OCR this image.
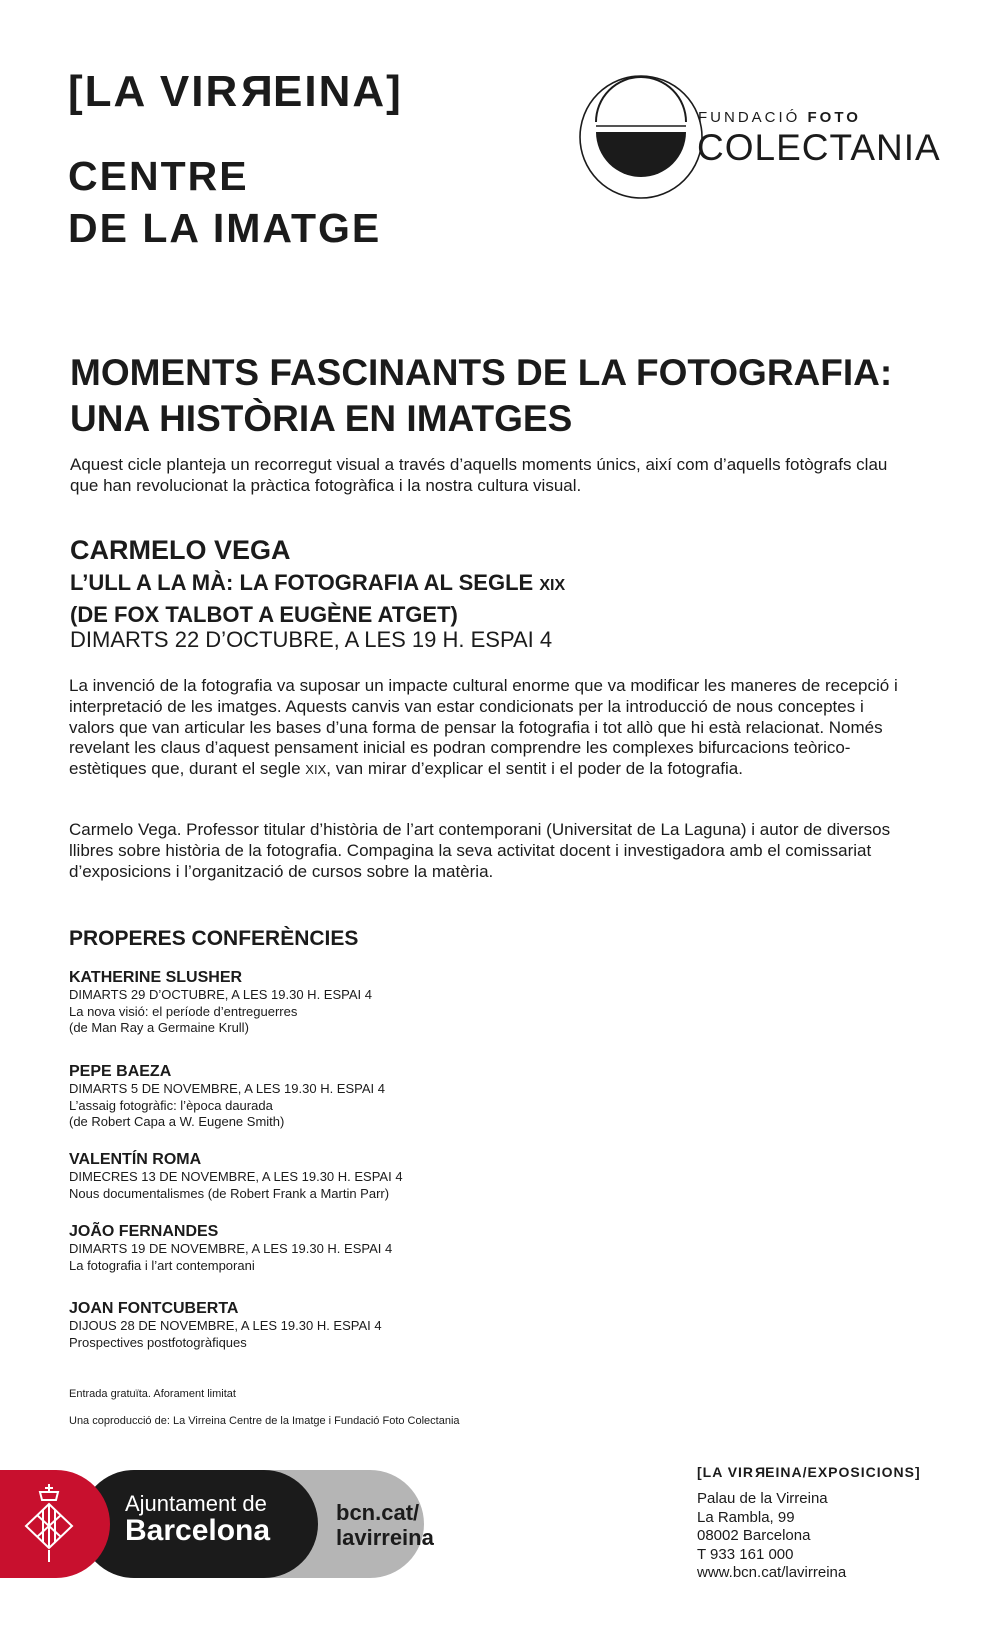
[LA VIRREINA]
CENTRE
DE LA IMATGE
FUNDACIÓ FOTO
COLECTANIA
MOMENTS FASCINANTS DE LA FOTOGRAFIA:
UNA HISTÒRIA EN IMATGES
Aquest cicle planteja un recorregut visual a través d’aquells moments únics, així com d’aquells fotògrafs clau que han revolucionat la pràctica fotogràfica i la nostra cultura visual.
CARMELO VEGA
L’ULL A LA MÀ: LA FOTOGRAFIA AL SEGLE XIX
(DE FOX TALBOT A EUGÈNE ATGET)
DIMARTS 22 D’OCTUBRE, A LES 19 H. ESPAI 4
La invenció de la fotografia va suposar un impacte cultural enorme que va modificar les maneres de recepció i interpretació de les imatges. Aquests canvis van estar condicionats per la introducció de nous conceptes i valors que van articular les bases d’una forma de pensar la fotografia i tot allò que hi està relacionat. Només revelant les claus d’aquest pensament inicial es podran comprendre les complexes bifurcacions teòrico-estètiques que, durant el segle XIX, van mirar d’explicar el sentit i el poder de la fotografia.
Carmelo Vega. Professor titular d’història de l’art contemporani (Universitat de La Laguna) i autor de diversos llibres sobre història de la fotografia. Compagina la seva activitat docent i investigadora amb el comissariat d’exposicions i l’organització de cursos sobre la matèria.
PROPERES CONFERÈNCIES
KATHERINE SLUSHER
DIMARTS 29 D’OCTUBRE, A LES 19.30 H. ESPAI 4
La nova visió: el període d’entreguerres
(de Man Ray a Germaine Krull)
PEPE BAEZA
DIMARTS 5 DE NOVEMBRE, A LES 19.30 H. ESPAI 4
L’assaig fotogràfic: l’època daurada
(de Robert Capa a W. Eugene Smith)
VALENTÍN ROMA
DIMECRES 13 DE NOVEMBRE, A LES 19.30 H. ESPAI 4
Nous documentalismes (de Robert Frank a Martin Parr)
JOÃO FERNANDES
DIMARTS 19 DE NOVEMBRE, A LES 19.30 H. ESPAI 4
La fotografia i l’art contemporani
JOAN FONTCUBERTA
DIJOUS 28 DE NOVEMBRE, A LES 19.30 H. ESPAI 4
Prospectives postfotogràfiques
Entrada gratuïta. Aforament limitat
Una coproducció de: La Virreina Centre de la Imatge i Fundació Foto Colectania
Ajuntament de
Barcelona
bcn.cat/
lavirreina
[LA VIRREINA/EXPOSICIONS]
Palau de la Virreina
La Rambla, 99
08002 Barcelona
T 933 161 000
www.bcn.cat/lavirreina
